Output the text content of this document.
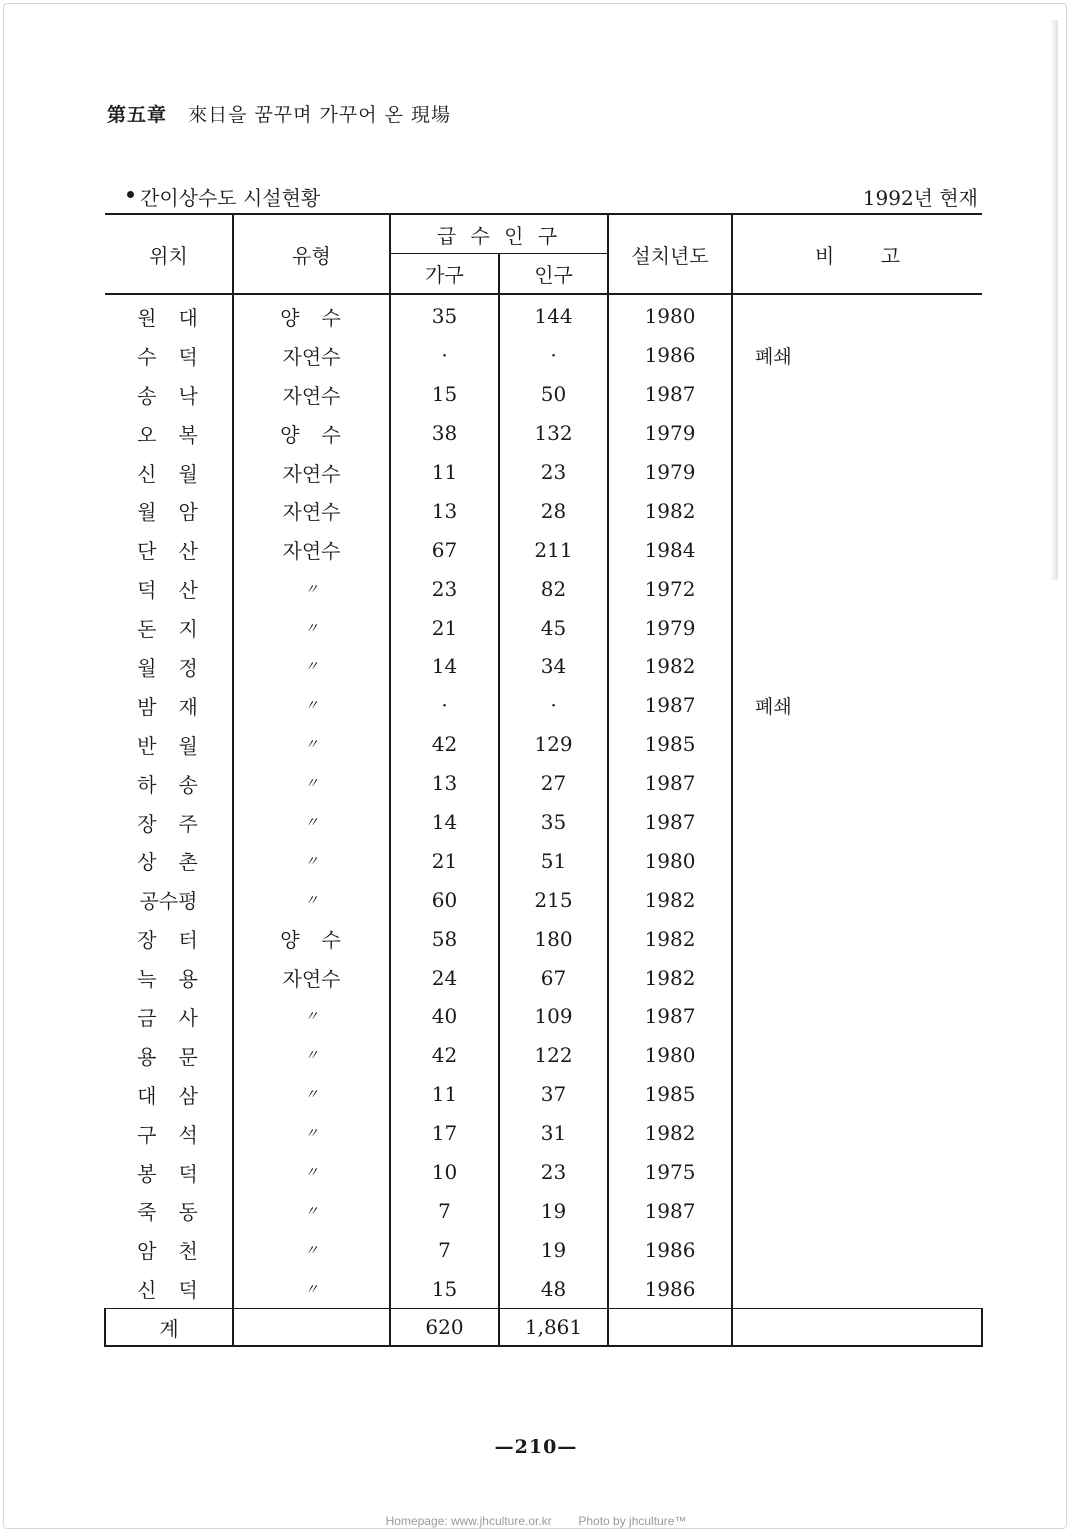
第五章 來日을 꿈꾸며 가꾸어 온 現場
간이상수도 시설현황	1992년 현재
위치	유형	급 수 인 구		설치년도	비 고
		가구	인구		
원대	양수	35	144	1980	
수덕	자연수	·	·	1986	폐쇄
송낙	자연수	15	50	1987	
오복	양수	38	132	1979	
신월	자연수	11	23	1979	
월암	자연수	13	28	1982	
단산	자연수	67	211	1984	
덕산	〃	23	82	1972	
돈지	〃	21	45	1979	
월정	〃	14	34	1982	
밤재	〃	·	·	1987	폐쇄
반월	〃	42	129	1985	
하송	〃	13	27	1987	
장주	〃	14	35	1987	
상촌	〃	21	51	1980	
공수평	〃	60	215	1982	
장터	양수	58	180	1982	
늑용	자연수	24	67	1982	
금사	〃	40	109	1987	
용문	〃	42	122	1980	
대삼	〃	11	37	1985	
구석	〃	17	31	1982	
봉덕	〃	10	23	1975	
죽동	〃	7	19	1987	
암천	〃	7	19	1986	
신덕	〃	15	48	1986	
계		620	1,861		
—210—
Homepage: www.jhculture.or.kr Photo by jhculture™
